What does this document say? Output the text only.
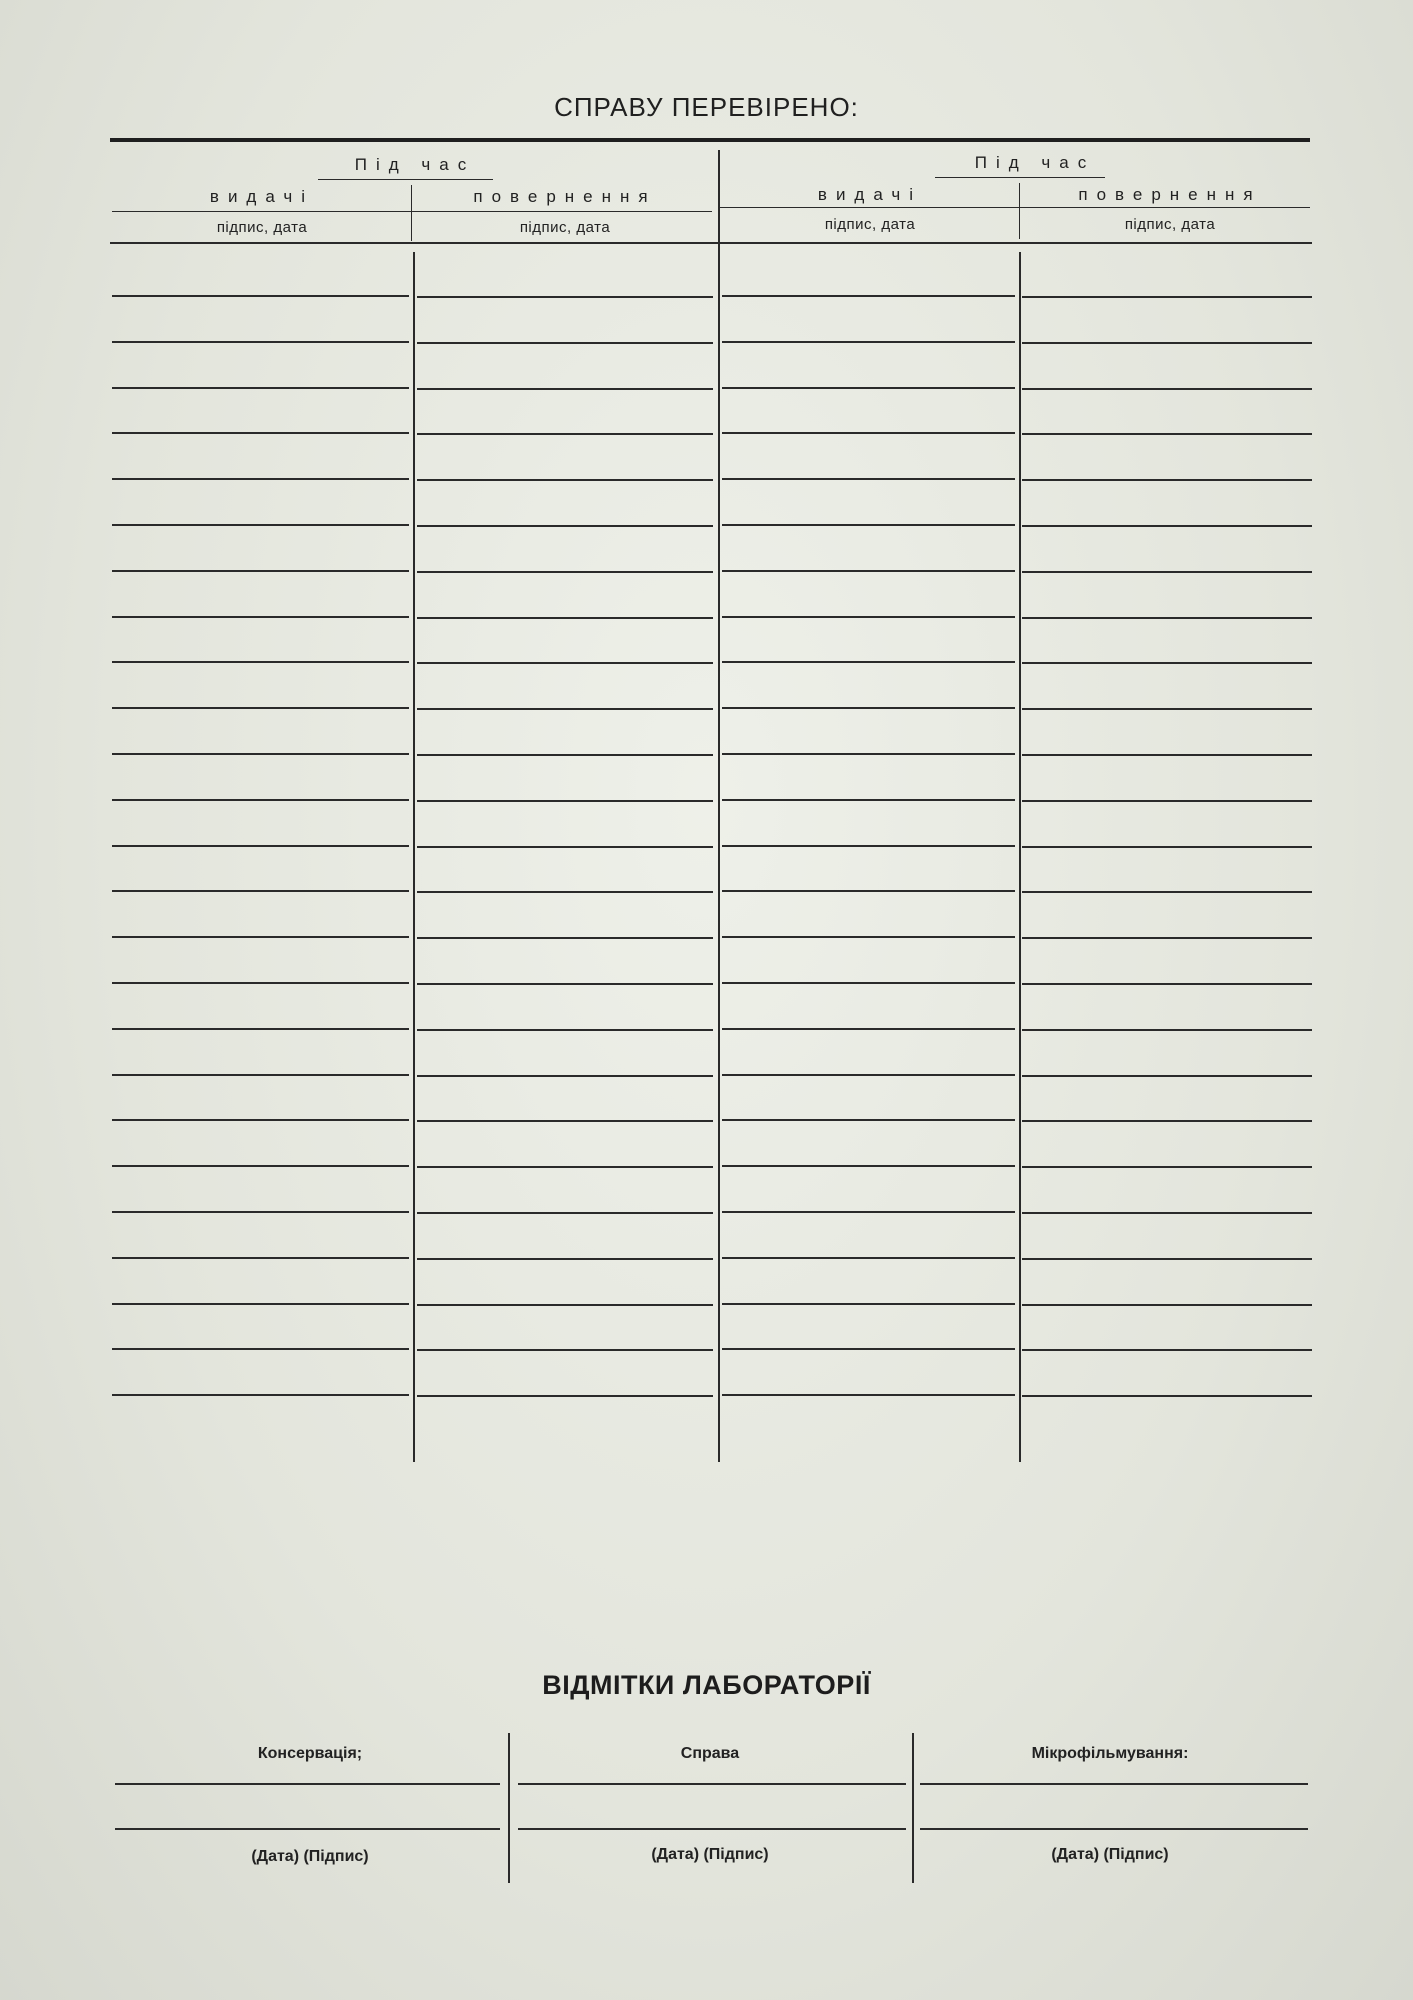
СПРАВУ ПЕРЕВІРЕНО:
Під час
видачі	повернення
підпис, дата	підпис, дата
Під час
видачі	повернення
підпис, дата	підпис, дата
ВІДМІТКИ ЛАБОРАТОРІЇ
Консервація;	Справа	Мікрофільмування:
(Дата) (Підпис)	(Дата) (Підпис)	(Дата) (Підпис)
